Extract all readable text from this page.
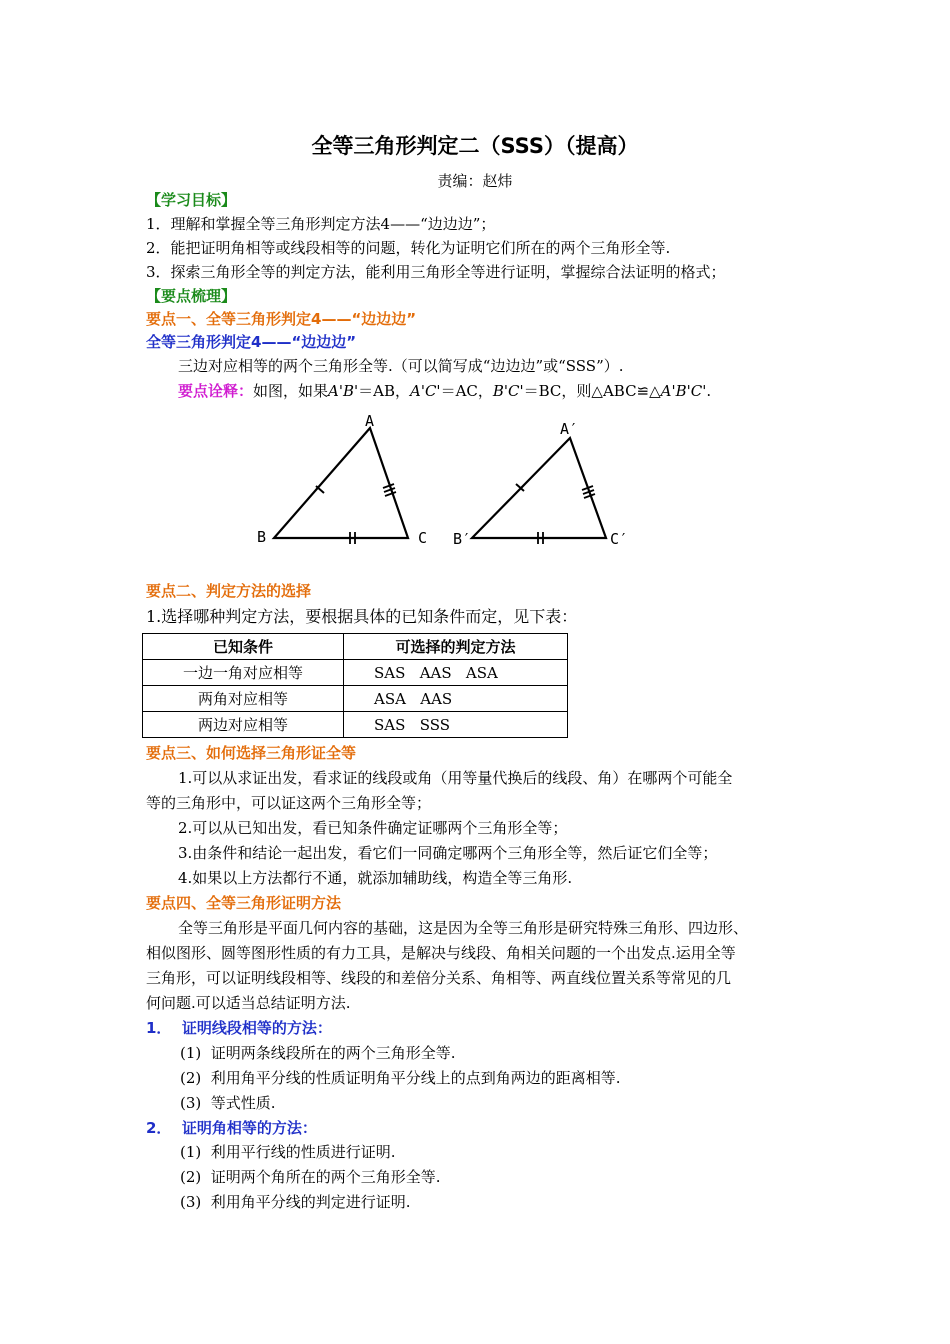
全等三角形判定二（SSS）（提高）
责编：赵炜
【学习目标】
1．理解和掌握全等三角形判定方法4——“边边边”；
2．能把证明角相等或线段相等的问题，转化为证明它们所在的两个三角形全等.
3．探索三角形全等的判定方法，能利用三角形全等进行证明，掌握综合法证明的格式；
【要点梳理】
要点一、全等三角形判定4——“边边边”
全等三角形判定4——“边边边”
三边对应相等的两个三角形全等.（可以简写成“边边边”或“SSS”）.
要点诠释：如图，如果A'B'＝AB，A'C'＝AC，B'C'＝BC，则△ABC≌△A'B'C'.
A
B	C
A′
B′	C′
要点二、判定方法的选择
1.选择哪种判定方法，要根据具体的已知条件而定，见下表：
已知条件	可选择的判定方法
一边一角对应相等	SAS   AAS   ASA
两角对应相等	ASA   AAS
两边对应相等	SAS   SSS
要点三、如何选择三角形证全等
1.可以从求证出发，看求证的线段或角（用等量代换后的线段、角）在哪两个可能全
等的三角形中，可以证这两个三角形全等；
2.可以从已知出发，看已知条件确定证哪两个三角形全等；
3.由条件和结论一起出发，看它们一同确定哪两个三角形全等，然后证它们全等；
4.如果以上方法都行不通，就添加辅助线，构造全等三角形.
要点四、全等三角形证明方法
全等三角形是平面几何内容的基础，这是因为全等三角形是研究特殊三角形、四边形、
相似图形、圆等图形性质的有力工具，是解决与线段、角相关问题的一个出发点.运用全等
三角形，可以证明线段相等、线段的和差倍分关系、角相等、两直线位置关系等常见的几
何问题.可以适当总结证明方法.
1．  证明线段相等的方法：
(1)  证明两条线段所在的两个三角形全等.
(2)  利用角平分线的性质证明角平分线上的点到角两边的距离相等.
(3)  等式性质.
2．  证明角相等的方法：
(1)  利用平行线的性质进行证明.
(2)  证明两个角所在的两个三角形全等.
(3)  利用角平分线的判定进行证明.
